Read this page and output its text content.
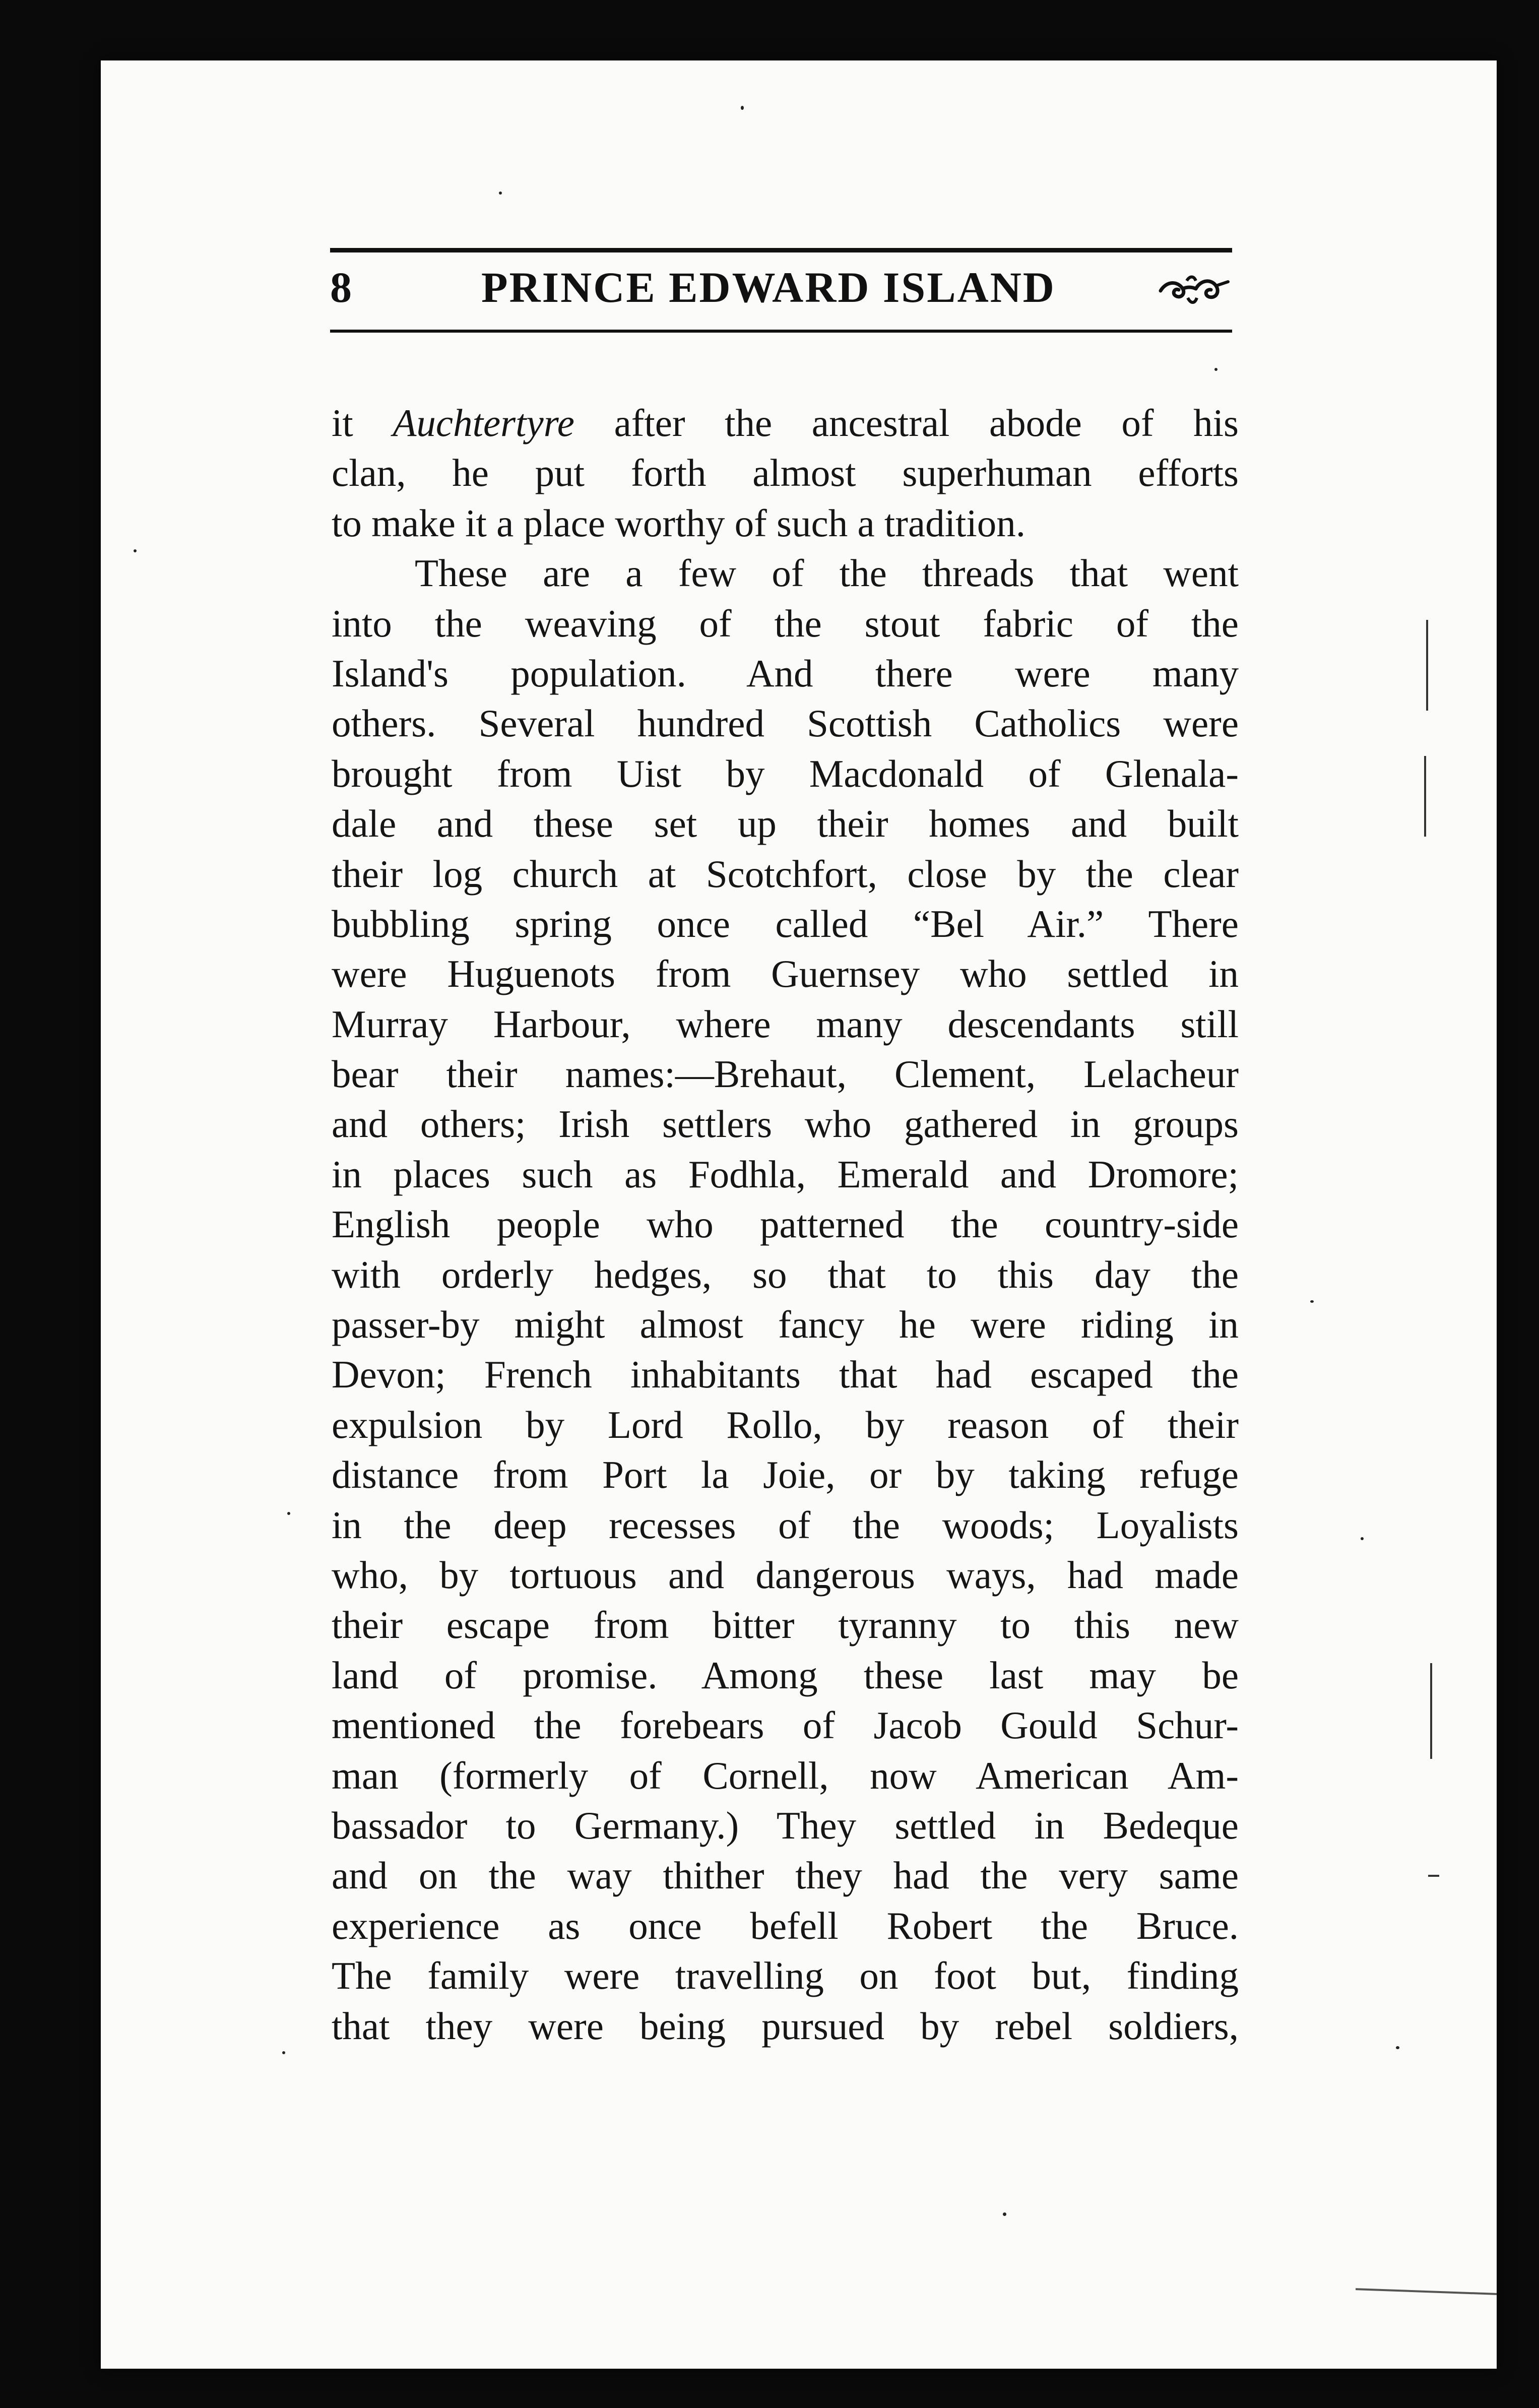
8	PRINCE EDWARD ISLAND
it Auchtertyre after the ancestral abode of his
clan, he put forth almost superhuman efforts
to make it a place worthy of such a tradition.
These are a few of the threads that went
into the weaving of the stout fabric of the
Island's population. And there were many
others. Several hundred Scottish Catholics were
brought from Uist by Macdonald of Glenala-
dale and these set up their homes and built
their log church at Scotchfort, close by the clear
bubbling spring once called “Bel Air.” There
were Huguenots from Guernsey who settled in
Murray Harbour, where many descendants still
bear their names:—Brehaut, Clement, Lelacheur
and others; Irish settlers who gathered in groups
in places such as Fodhla, Emerald and Dromore;
English people who patterned the country-side
with orderly hedges, so that to this day the
passer-by might almost fancy he were riding in
Devon; French inhabitants that had escaped the
expulsion by Lord Rollo, by reason of their
distance from Port la Joie, or by taking refuge
in the deep recesses of the woods; Loyalists
who, by tortuous and dangerous ways, had made
their escape from bitter tyranny to this new
land of promise. Among these last may be
mentioned the forebears of Jacob Gould Schur-
man (formerly of Cornell, now American Am-
bassador to Germany.) They settled in Bedeque
and on the way thither they had the very same
experience as once befell Robert the Bruce.
The family were travelling on foot but, finding
that they were being pursued by rebel soldiers,
